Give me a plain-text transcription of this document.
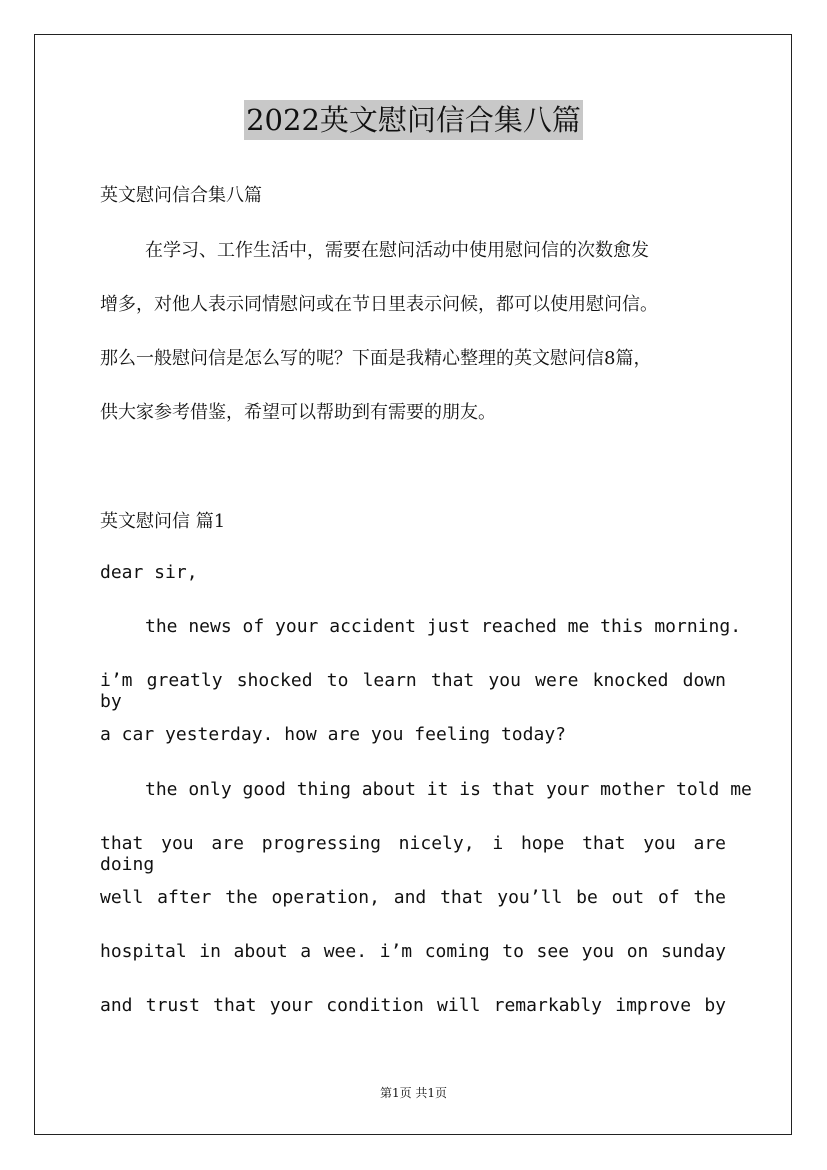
2022英文慰问信合集八篇
英文慰问信合集八篇
在学习、工作生活中，需要在慰问活动中使用慰问信的次数愈发
增多，对他人表示同情慰问或在节日里表示问候，都可以使用慰问信。
那么一般慰问信是怎么写的呢？下面是我精心整理的英文慰问信8篇，
供大家参考借鉴，希望可以帮助到有需要的朋友。
英文慰问信 篇1
dear sir,
the news of your accident just reached me this morning.
i’m greatly shocked to learn that you were knocked down by
a car yesterday. how are you feeling today?
the only good thing about it is that your mother told me
that you are progressing nicely, i hope that you are doing
well after the operation, and that you’ll be out of the
hospital in about a wee. i’m coming to see you on sunday
and trust that your condition will remarkably improve by
第1页 共1页
